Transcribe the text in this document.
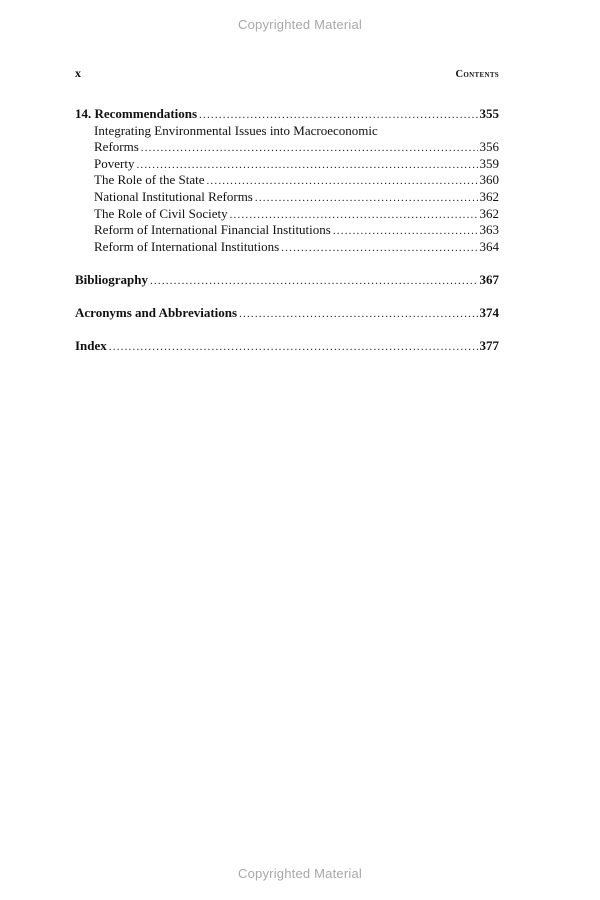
Copyrighted Material
x	Contents
14. Recommendations .....	355
Integrating Environmental Issues into Macroeconomic
Reforms .....	356
Poverty .....	359
The Role of the State .....	360
National Institutional Reforms .....	362
The Role of Civil Society .....	362
Reform of International Financial Institutions .....	363
Reform of International Institutions .....	364
Bibliography .....	367
Acronyms and Abbreviations .....	374
Index .....	377
Copyrighted Material
